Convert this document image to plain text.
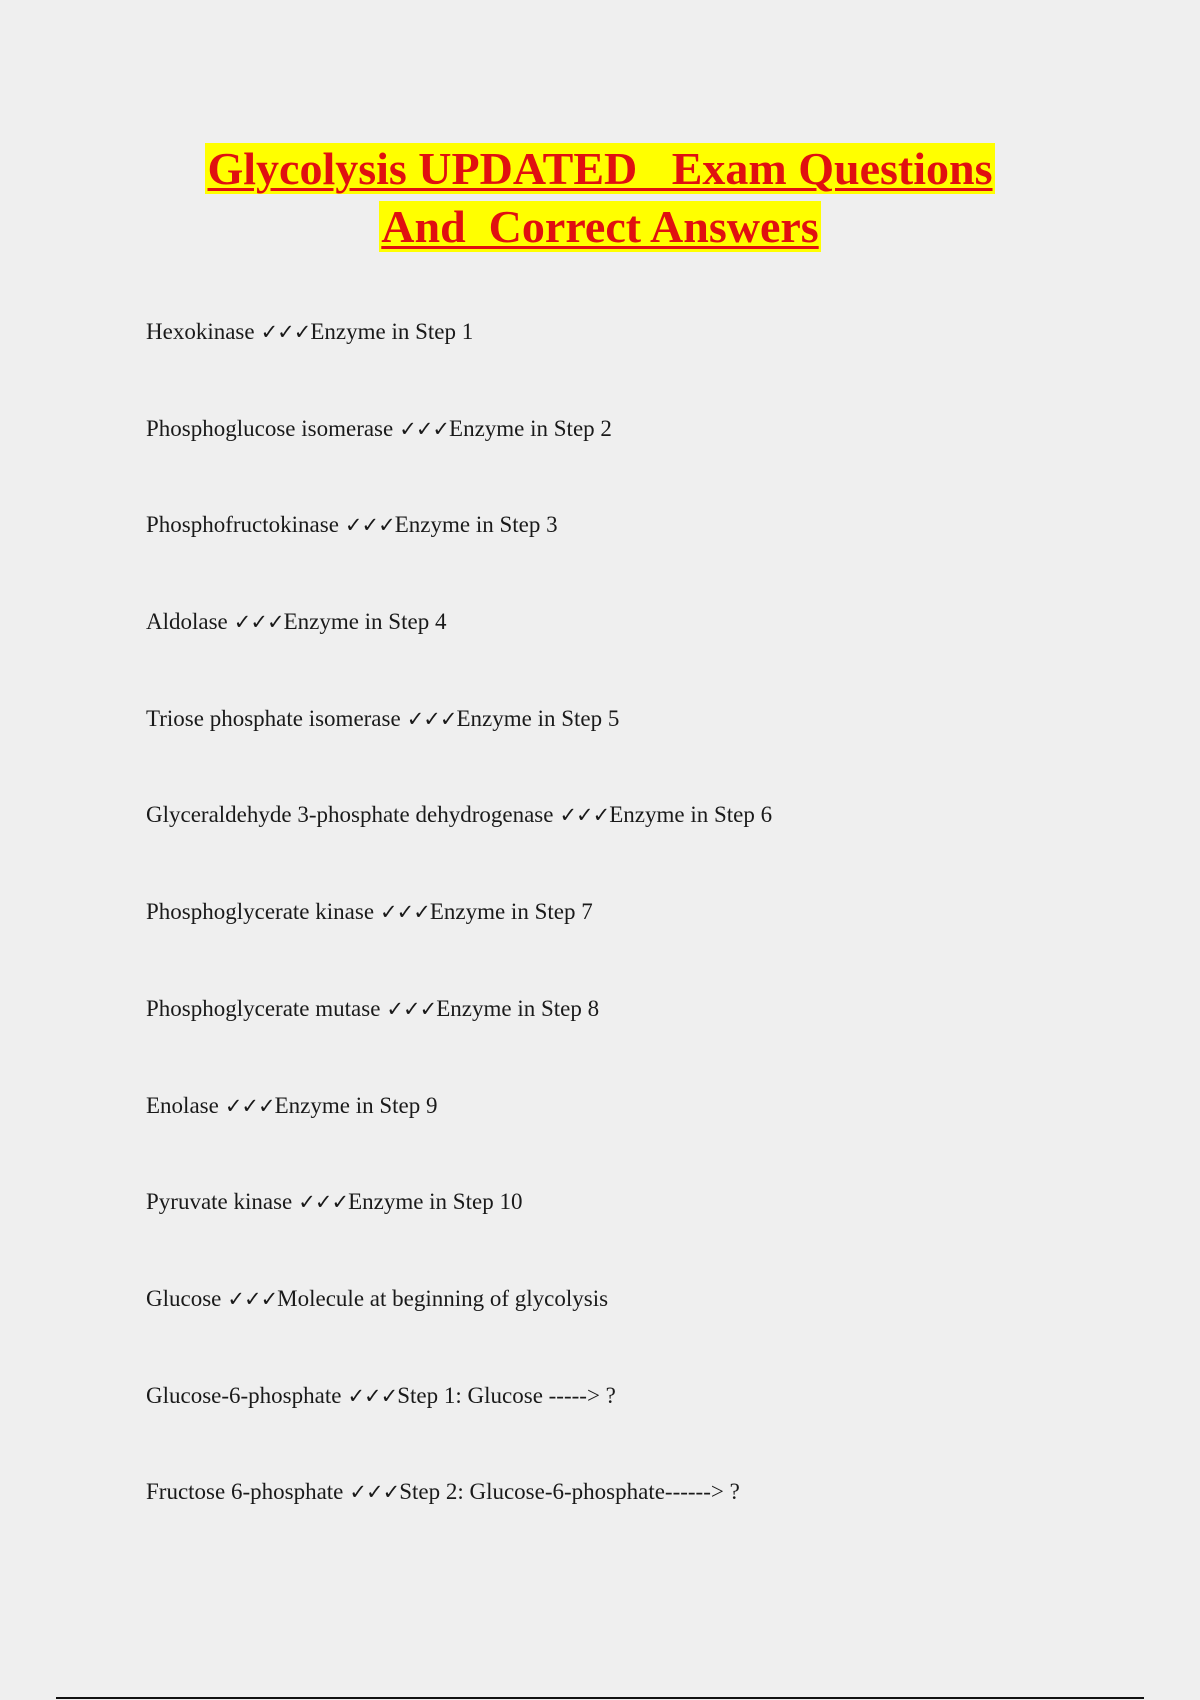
Glycolysis UPDATED   Exam Questions
And  Correct Answers
Hexokinase ✓✓✓Enzyme in Step 1
Phosphoglucose isomerase ✓✓✓Enzyme in Step 2
Phosphofructokinase ✓✓✓Enzyme in Step 3
Aldolase ✓✓✓Enzyme in Step 4
Triose phosphate isomerase ✓✓✓Enzyme in Step 5
Glyceraldehyde 3-phosphate dehydrogenase ✓✓✓Enzyme in Step 6
Phosphoglycerate kinase ✓✓✓Enzyme in Step 7
Phosphoglycerate mutase ✓✓✓Enzyme in Step 8
Enolase ✓✓✓Enzyme in Step 9
Pyruvate kinase ✓✓✓Enzyme in Step 10
Glucose ✓✓✓Molecule at beginning of glycolysis
Glucose-6-phosphate ✓✓✓Step 1: Glucose -----> ?
Fructose 6-phosphate ✓✓✓Step 2: Glucose-6-phosphate------> ?
